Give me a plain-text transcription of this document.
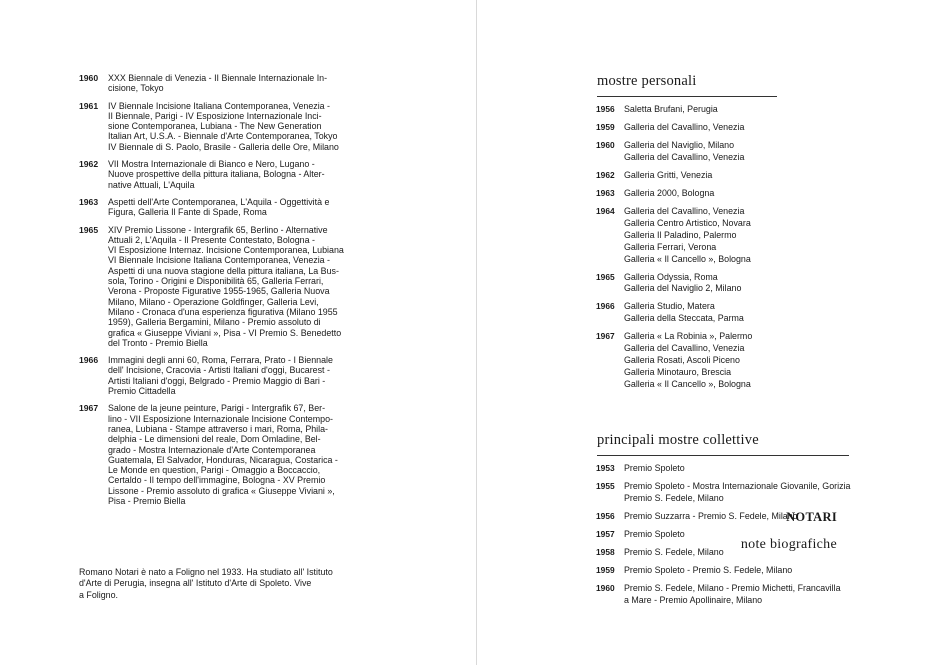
1960	XXX Biennale di Venezia - II Biennale Internazionale In-
cisione, Tokyo
1961	IV Biennale Incisione Italiana Contemporanea, Venezia -
II Biennale, Parigi - IV Esposizione Internazionale Inci-
sione Contemporanea, Lubiana - The New Generation
Italian Art, U.S.A. - Biennale d'Arte Contemporanea, Tokyo
IV Biennale di S. Paolo, Brasile - Galleria delle Ore, Milano
1962	VII Mostra Internazionale di Bianco e Nero, Lugano -
Nuove prospettive della pittura italiana, Bologna - Alter-
native Attuali, L'Aquila
1963	Aspetti dell'Arte Contemporanea, L'Aquila - Oggettività e
Figura, Galleria Il Fante di Spade, Roma
1965	XIV Premio Lissone - Intergrafik 65, Berlino - Alternative
Attuali 2, L'Aquila - Il Presente Contestato, Bologna -
VI Esposizione Internaz. Incisione Contemporanea, Lubiana
VI Biennale Incisione Italiana Contemporanea, Venezia -
Aspetti di una nuova stagione della pittura italiana, La Bus-
sola, Torino - Origini e Disponibilità 65, Galleria Ferrari,
Verona - Proposte Figurative 1955-1965, Galleria Nuova
Milano, Milano - Operazione Goldfinger, Galleria Levi,
Milano - Cronaca d'una esperienza figurativa (Milano 1955
1959), Galleria Bergamini, Milano - Premio assoluto di
grafica « Giuseppe Viviani », Pisa - VI Premio S. Benedetto
del Tronto - Premio Biella
1966	Immagini degli anni 60, Roma, Ferrara, Prato - I Biennale
dell' Incisione, Cracovia - Artisti Italiani d'oggi, Bucarest -
Artisti Italiani d'oggi, Belgrado - Premio Maggio di Bari -
Premio Cittadella
1967	Salone de la jeune peinture, Parigi - Intergrafik 67, Ber-
lino - VII Esposizione Internazionale Incisione Contempo-
ranea, Lubiana - Stampe attraverso i mari, Roma, Phila-
delphia - Le dimensioni del reale, Dom Omladine, Bel-
grado - Mostra Internazionale d'Arte Contemporanea
Guatemala, El Salvador, Honduras, Nicaragua, Costarica -
Le Monde en question, Parigi - Omaggio a Boccaccio,
Certaldo - Il tempo dell'immagine, Bologna - XV Premio
Lissone - Premio assoluto di grafica « Giuseppe Viviani »,
Pisa - Premio Biella
NOTARI
note biografiche
Romano Notari è nato a Foligno nel 1933. Ha studiato all' Istituto
d'Arte di Perugia, insegna all' Istituto d'Arte di Spoleto. Vive
a Foligno.
mostre personali
1956	Saletta Brufani, Perugia
1959	Galleria del Cavallino, Venezia
1960	Galleria del Naviglio, Milano
Galleria del Cavallino, Venezia
1962	Galleria Gritti, Venezia
1963	Galleria 2000, Bologna
1964	Galleria del Cavallino, Venezia
Galleria Centro Artistico, Novara
Galleria Il Paladino, Palermo
Galleria Ferrari, Verona
Galleria « Il Cancello », Bologna
1965	Galleria Odyssia, Roma
Galleria del Naviglio 2, Milano
1966	Galleria Studio, Matera
Galleria della Steccata, Parma
1967	Galleria « La Robinia », Palermo
Galleria del Cavallino, Venezia
Galleria Rosati, Ascoli Piceno
Galleria Minotauro, Brescia
Galleria « Il Cancello », Bologna
principali mostre collettive
1953	Premio Spoleto
1955	Premio Spoleto - Mostra Internazionale Giovanile, Gorizia
Premio S. Fedele, Milano
1956	Premio Suzzarra - Premio S. Fedele, Milano
1957	Premio Spoleto
1958	Premio S. Fedele, Milano
1959	Premio Spoleto - Premio S. Fedele, Milano
1960	Premio S. Fedele, Milano - Premio Michetti, Francavilla
a Mare - Premio Apollinaire, Milano
